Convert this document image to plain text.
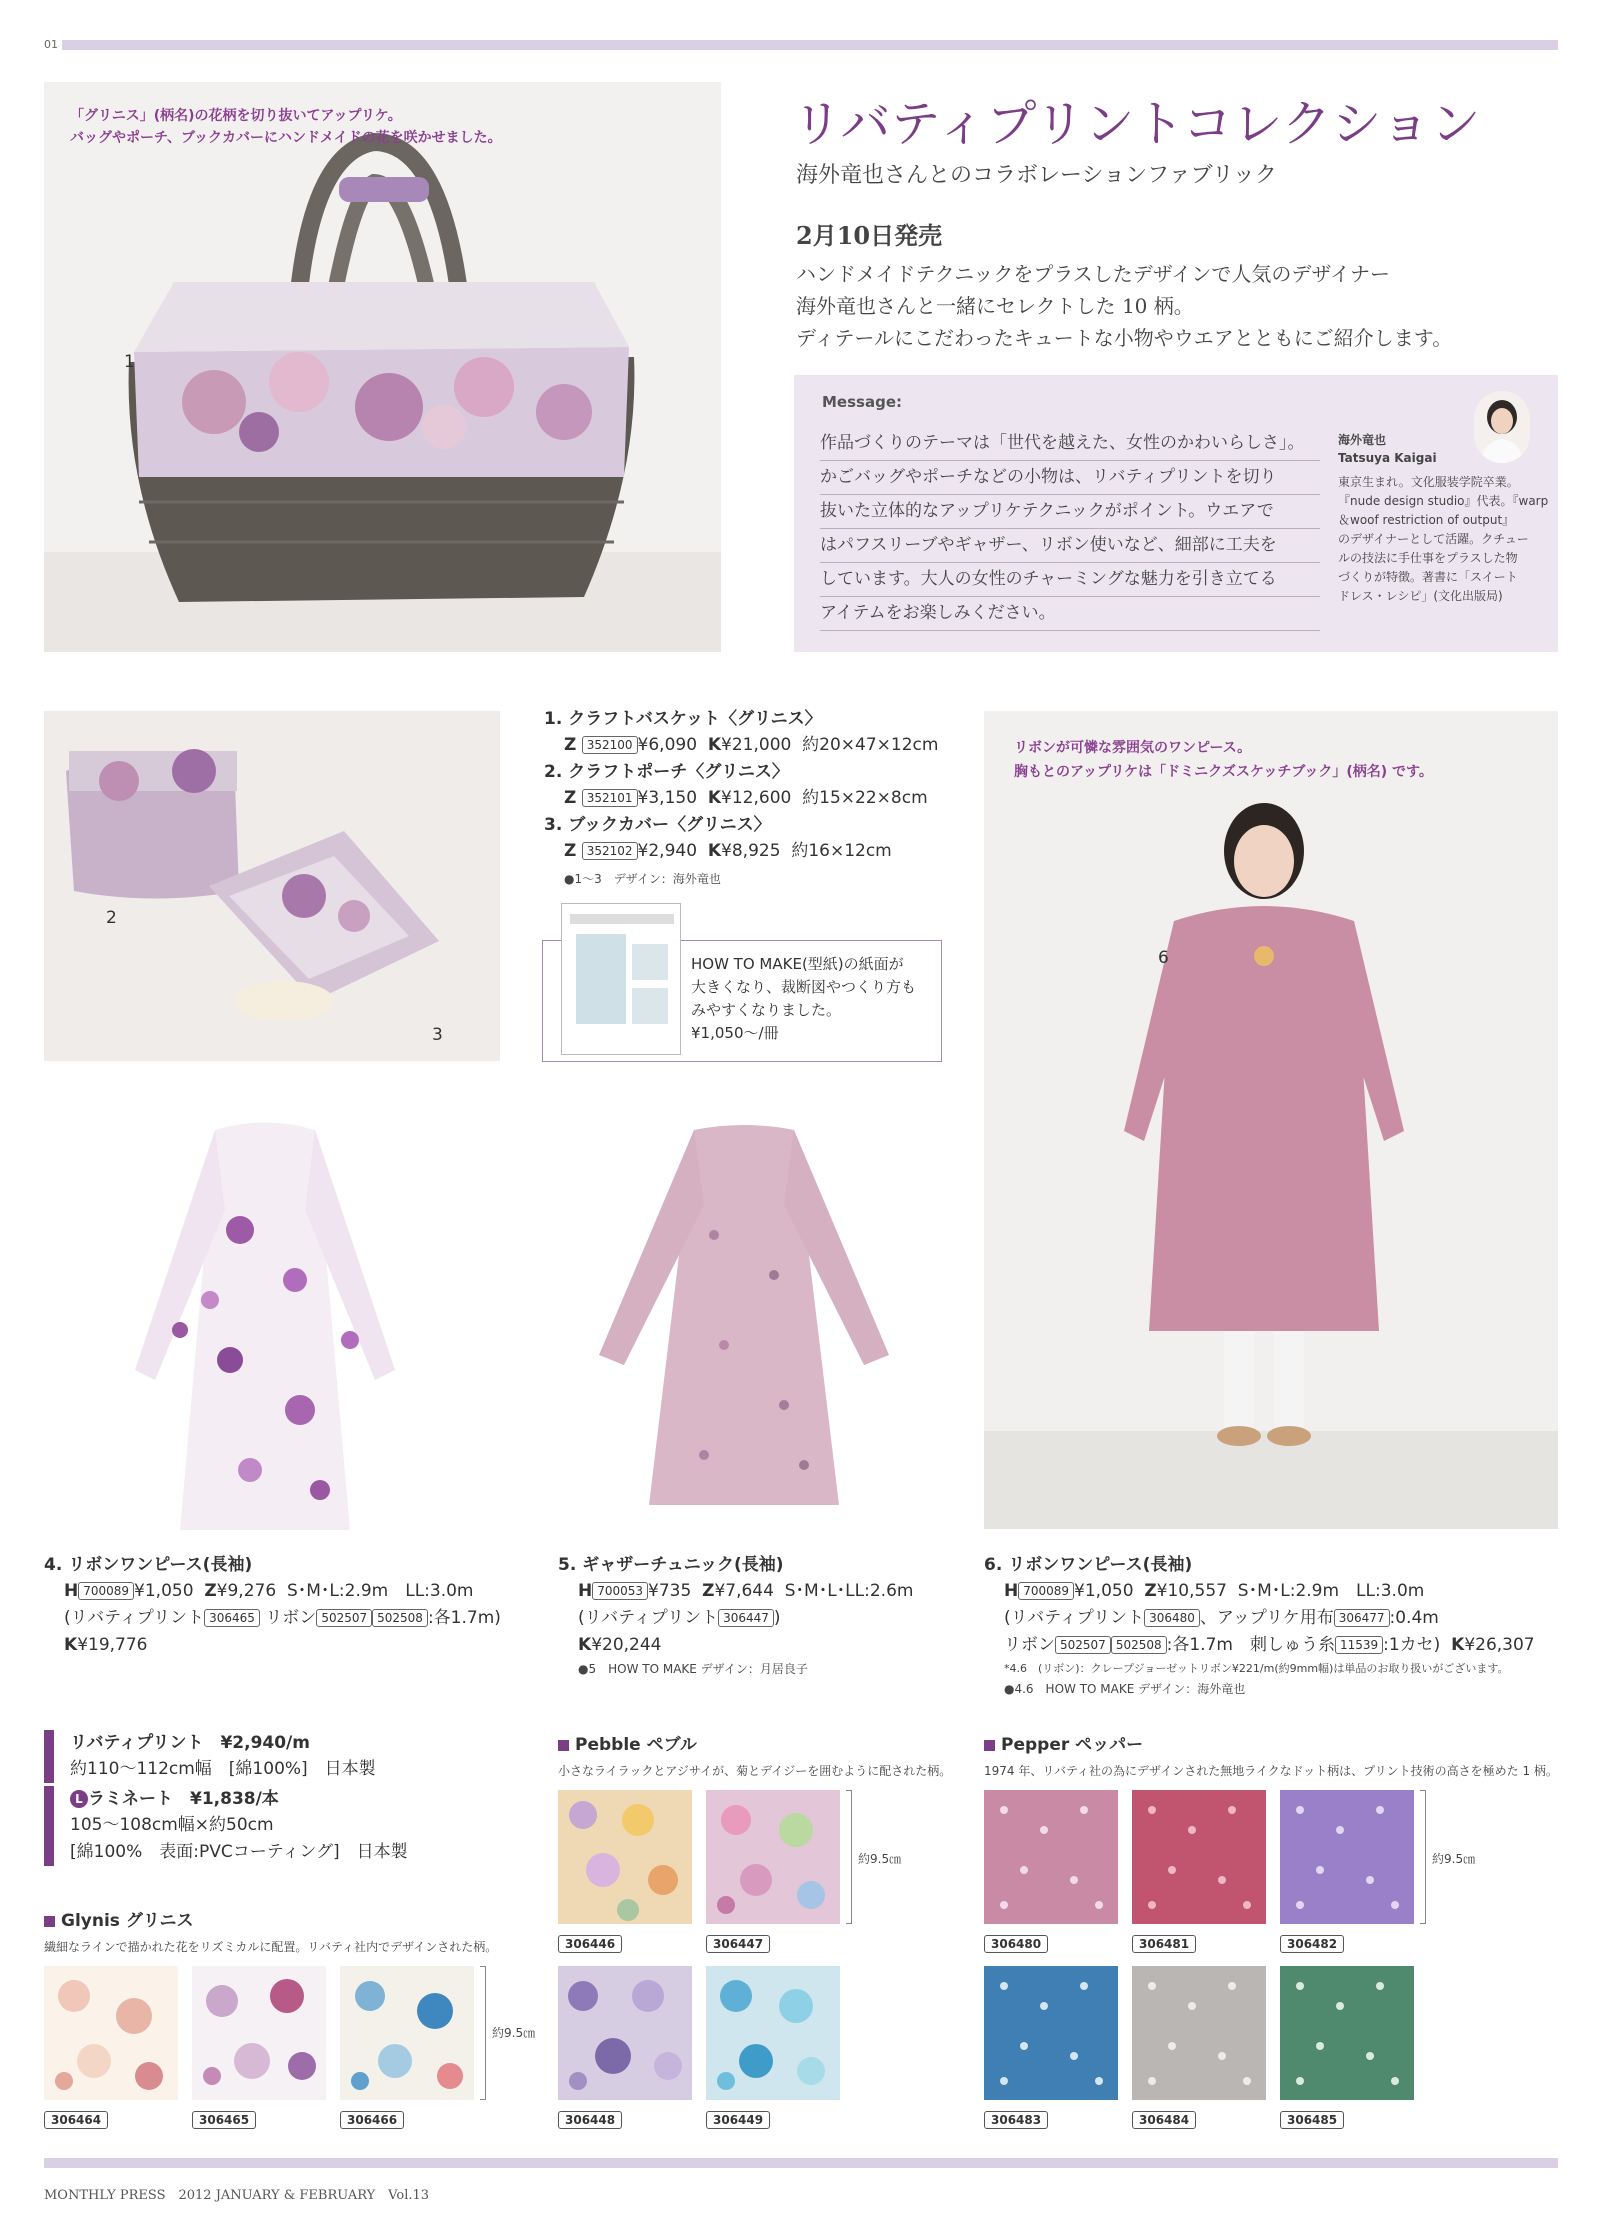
01
「グリニス」(柄名)の花柄を切り抜いてアップリケ。
バッグやポーチ、ブックカバーにハンドメイドの花を咲かせました。
1
リバティプリントコレクション
海外竜也さんとのコラボレーションファブリック
2月10日発売
ハンドメイドテクニックをプラスしたデザインで人気のデザイナー
海外竜也さんと一緒にセレクトした 10 柄。
ディテールにこだわったキュートな小物やウエアとともにご紹介します。
Message:
作品づくりのテーマは「世代を越えた、女性のかわいらしさ」。
かごバッグやポーチなどの小物は、リバティプリントを切り
抜いた立体的なアップリケテクニックがポイント。ウエアで
はパフスリーブやギャザー、リボン使いなど、細部に工夫を
しています。大人の女性のチャーミングな魅力を引き立てる
アイテムをお楽しみください。
海外竜也
Tatsuya Kaigai
東京生まれ。文化服装学院卒業。
『nude design studio』代表。『warp
＆woof restriction of output』
のデザイナーとして活躍。クチュー
ルの技法に手仕事をプラスした物
づくりが特徴。著書に「スイート
ドレス・レシピ」(文化出版局)
2
3
1. クラフトバスケット〈グリニス〉
Z 352100 ¥6,090 K¥21,000 約20×47×12cm
2. クラフトポーチ〈グリニス〉
Z 352101 ¥3,150 K¥12,600 約15×22×8cm
3. ブックカバー〈グリニス〉
Z 352102 ¥2,940 K¥8,925 約16×12cm
●1～3　デザイン：海外竜也
HOW TO MAKE(型紙)の紙面が
大きくなり、裁断図やつくり方も
みやすくなりました。
¥1,050～/冊
リボンが可憐な雰囲気のワンピース。
胸もとのアップリケは「ドミニクズスケッチブック」(柄名) です。
6
4. リボンワンピース(長袖)
H 700089 ¥1,050 Z¥9,276 S･M･L:2.9m　LL:3.0m
(リバティプリント 306465 リボン 502507 502508 :各1.7m)
K¥19,776
5. ギャザーチュニック(長袖)
H 700053 ¥735 Z¥7,644 S･M･L･LL:2.6m
(リバティプリント 306447 )
K¥20,244
●5　HOW TO MAKE デザイン：月居良子
6. リボンワンピース(長袖)
H 700089 ¥1,050 Z¥10,557 S･M･L:2.9m　LL:3.0m
(リバティプリント 306480 、アップリケ用布 306477 :0.4m
リボン 502507 502508 :各1.7m　刺しゅう糸 11539 :1カセ) K¥26,307
*4.6　(リボン)：クレープジョーゼットリボン¥221/m(約9mm幅)は単品のお取り扱いがございます。
●4.6　HOW TO MAKE デザイン：海外竜也
リバティプリント　¥2,940/m
約110～112cm幅　[綿100%]　日本製
L ラミネート　¥1,838/本
105～108cm幅×約50cm
[綿100%　表面:PVCコーティング]　日本製
Glynis グリニス
繊細なラインで描かれた花をリズミカルに配置。リバティ社内でデザインされた柄。
約9.5㎝
306464	306465	306466
Pebble ペブル
小さなライラックとアジサイが、菊とデイジーを囲むように配された柄。
約9.5㎝
306446	306447
306448	306449
Pepper ペッパー
1974 年、リバティ社の為にデザインされた無地ライクなドット柄は、プリント技術の高さを極めた 1 柄。
約9.5㎝
306480	306481	306482
306483	306484	306485
MONTHLY PRESS　2012 JANUARY & FEBRUARY　Vol.13
